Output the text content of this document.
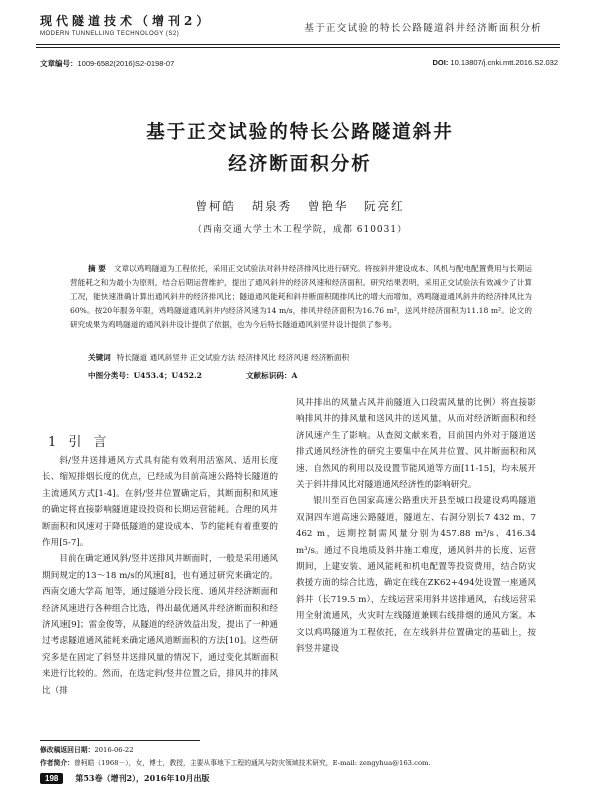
现代隧道技术（增刊2）
MODERN TUNNELLING TECHNOLOGY (S2)	基于正交试验的特长公路隧道斜井经济断面积分析
文章编号：1009-6582(2016)S2-0198-07	DOI: 10.13807/j.cnki.mtt.2016.S2.032
基于正交试验的特长公路隧道斜井
经济断面积分析
曾柯皓 胡泉秀 曾艳华 阮亮红
（西南交通大学土木工程学院，成都 610031）
摘 要 文章以鸡鸣隧道为工程依托，采用正交试验法对斜井经济排风比进行研究。将按斜井建设成本、风机与配电配置费用与长期运营能耗之和为最小为原则，结合后期运营维护，提出了通风斜井的经济风速和经济面积。研究结果表明，采用正交试验法有效减少了计算工况，能快速准确计算出通风斜井的经济排风比；隧道通风能耗和斜井断面积随排风比的增大而增加，鸡鸣隧道通风斜井的经济排风比为60%。按20年服务年限，鸡鸣隧道通风斜井内经济风速为14 m/s，排风井经济面积为16.76 m²，送风井经济面积为11.18 m²。论文的研究成果为鸡鸣隧道的通风斜井设计提供了依据，也为今后特长隧道通风斜竖井设计提供了参考。
关键词 特长隧道 通风斜竖井 正交试验方法 经济排风比 经济风速 经济断面积
中图分类号：U453.4；U452.2	文献标识码：A
1 引 言

斜/竖井送排通风方式具有能有效利用活塞风、适用长度长、缩短排烟长度的优点，已经成为目前高速公路特长隧道的主流通风方式[1-4]。在斜/竖井位置确定后，其断面积和风速的确定将直接影响隧道建设投资和长期运营能耗。合理的风井断面积和风速对于降低隧道的建设成本、节约能耗有着重要的作用[5-7]。

目前在确定通风斜/竖井送排风井断面时，一般是采用通风期间规定的13～18 m/s的风速[8]，也有通过研究来确定的。西南交通大学高 旭等，通过隧道分段长度、通风井经济断面和经济风速进行各种组合比选，得出最优通风井经济断面积和经济风速[9]；雷金俊等，从隧道的经济效益出发，提出了一种通过考虑隧道通风能耗来确定通风道断面积的方法[10]。这些研究多是在固定了斜竖井送排风量的情况下，通过变化其断面积来进行比较的。然而，在选定斜/竖井位置之后，排风井的排风比（排

风井排出的风量占风井前隧道入口段需风量的比例）将直接影响排风井的排风量和送风井的送风量，从而对经济断面积和经济风速产生了影响。从查阅文献来看，目前国内外对于隧道送排式通风经济性的研究主要集中在风井位置、风井断面积和风速、自然风的利用以及设置节能风道等方面[11-15]，均未展开关于斜井排风比对隧道通风经济性的影响研究。

银川至百色国家高速公路重庆开县至城口段建设鸡鸣隧道双洞四车道高速公路隧道，隧道左、右洞分别长7 432 m、7 462 m，远期控制需风量分别为457.88 m³/s、416.34 m³/s。通过不良地质及斜井施工难度，通风斜井的长度、运营期间，上建安装、通风能耗和机电配置等投资费用，结合防灾救援方面的综合比选，确定在线在ZK62+494处设置一座通风斜井（长719.5 m），左线运营采用斜井送排通风，右线运营采用全射流通风，火灾时左线隧道兼顾右线排烟的通风方案。本文以鸡鸣隧道为工程依托，在左线斜井位置确定的基础上，按斜竖井建设

修改稿返回日期：2016-06-22
作者简介：曾柯皓（1968－），女，博士，教授，主要从事地下工程的通风与防灾领域技术研究，E-mail: zengyhua@163.com.
198	第53卷（增刊2），2016年10月出版
